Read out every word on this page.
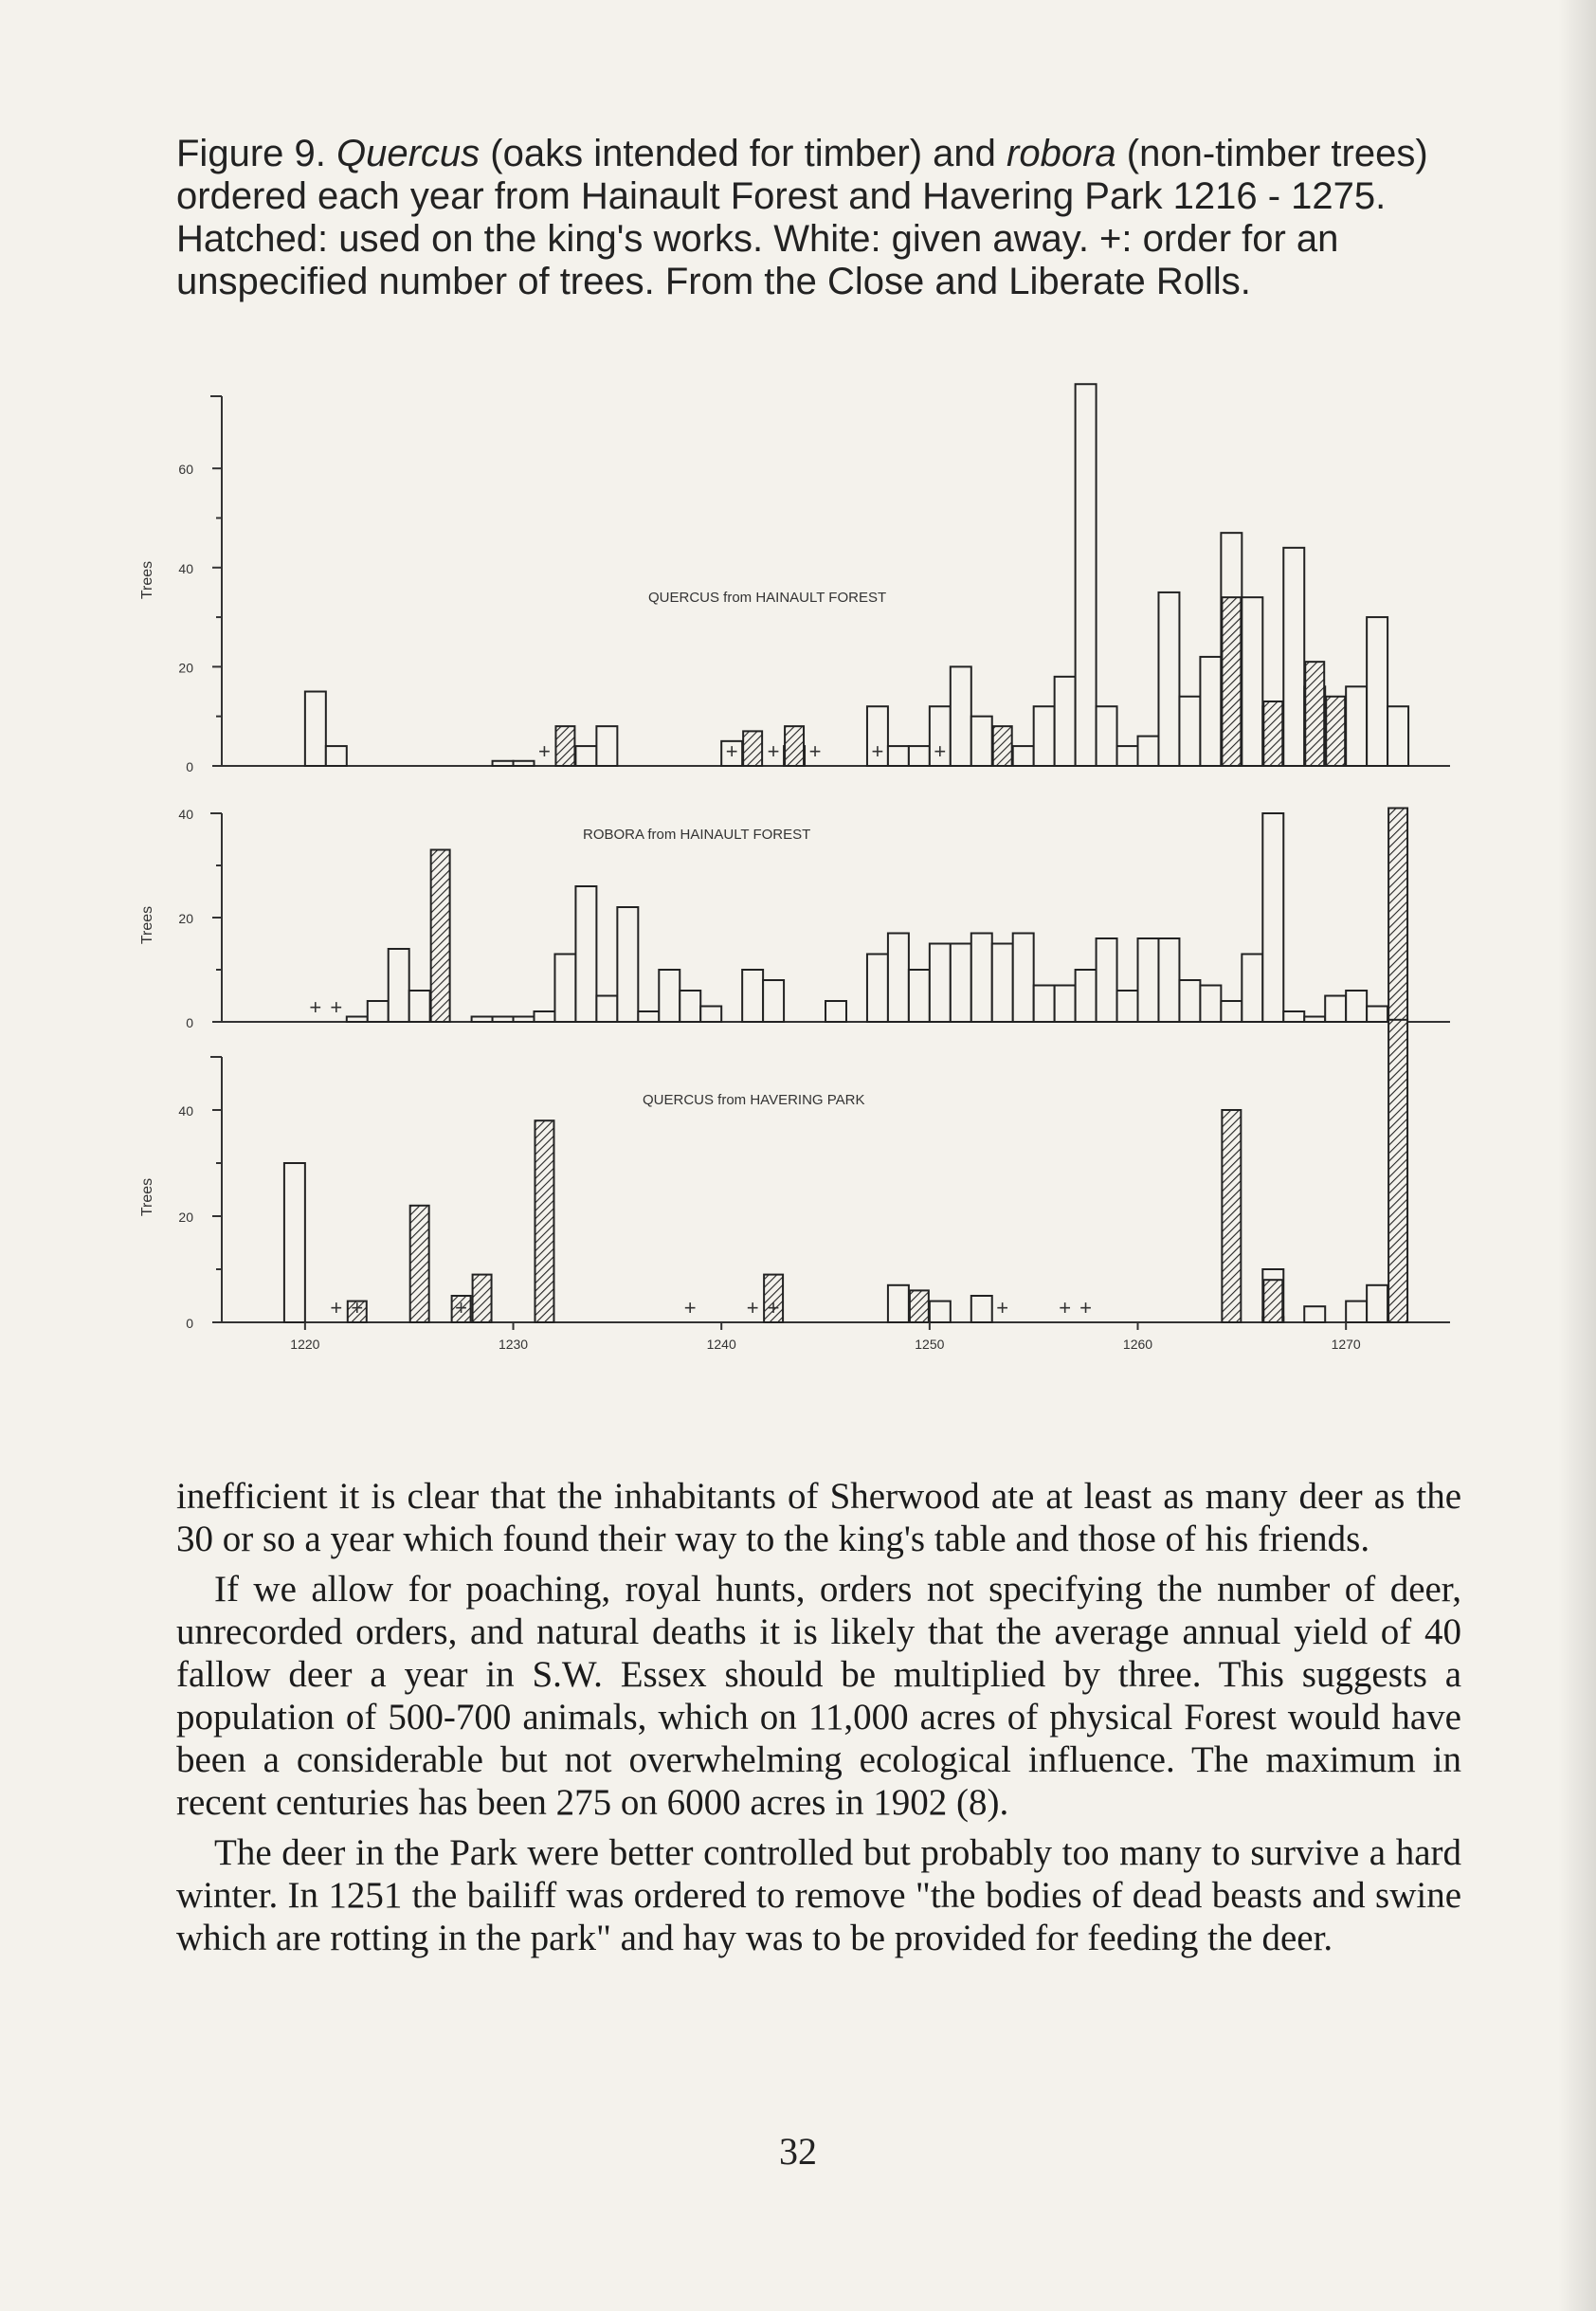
Figure 9. Quercus (oaks intended for timber) and robora (non-timber trees) ordered each year from Hainault Forest and Havering Park 1216 - 1275. Hatched: used on the king's works. White: given away. +: order for an unspecified number of trees. From the Close and Liberate Rolls.

0
20
40
60
Trees
+	+ + + + +
QUERCUS from HAINAULT FOREST
0
20
40
Trees
+ +
ROBORA from HAINAULT FOREST
0
20
40
Trees
+ +	+	+ + +	+ + +
QUERCUS from HAVERING PARK
1220	1230	1240	1250	1260	1270

inefficient it is clear that the inhabitants of Sherwood ate at least as many deer as the 30 or so a year which found their way to the king's table and those of his friends.

If we allow for poaching, royal hunts, orders not specifying the number of deer, unrecorded orders, and natural deaths it is likely that the average annual yield of 40 fallow deer a year in S.W. Essex should be multiplied by three. This suggests a population of 500-700 animals, which on 11,000 acres of physical Forest would have been a considerable but not overwhelming ecological influence. The maximum in recent centuries has been 275 on 6000 acres in 1902 (8).

The deer in the Park were better controlled but probably too many to survive a hard winter. In 1251 the bailiff was ordered to remove "the bodies of dead beasts and swine which are rotting in the park" and hay was to be provided for feeding the deer.

32
